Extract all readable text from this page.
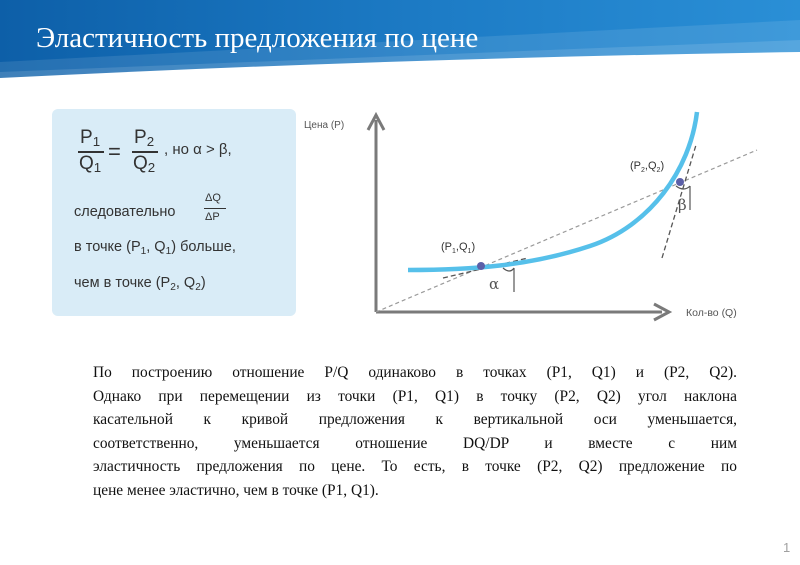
Эластичность предложения по цене
$P_1$
$Q_1$
=
$P_2$
$Q_2$
, но α > β,
следовательно
ΔQ
ΔP
в точке ($P_1$, $Q_1$) больше,
чем в точке ($P_2$, $Q_2$)
Цена (Р)
Кол-во (Q)
$(P_1,Q_1)$
$(P_2,Q_2)$
α
β
По построению отношение P/Q одинаково в точках (P1, Q1) и (P2, Q2).
Однако при перемещении из точки (P1, Q1) в точку (P2, Q2) угол наклона
касательной к кривой предложения к вертикальной оси уменьшается,
соответственно, уменьшается отношение DQ/DP и вместе с ним
эластичность предложения по цене. То есть, в точке (P2, Q2) предложение по
цене менее эластично, чем в точке (P1, Q1).
1
